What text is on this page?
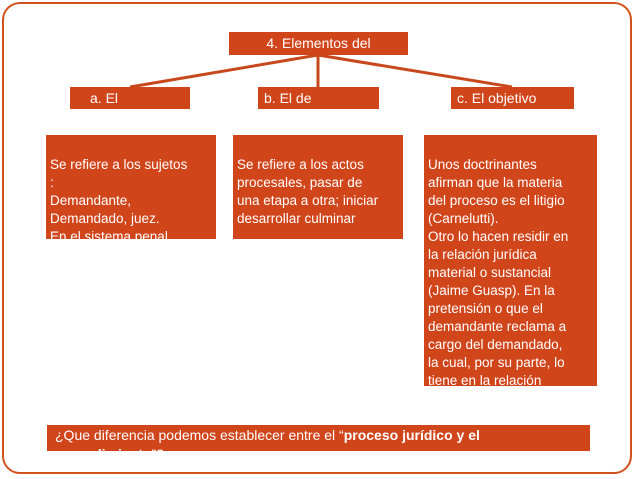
4. Elementos del
a. El	b. El de	c. El objetivo

Se refiere a los sujetos
:
Demandante,
Demandado, juez.
En el sistema penal
acusador y acusado

Se refiere a los actos
procesales, pasar de
una etapa a otra; iniciar
desarrollar culminar

Unos doctrinantes
afirman que la materia
del proceso es el litigio
(Carnelutti).
Otro lo hacen residir en
la relación jurídica
material o sustancial
(Jaime Guasp). En la
pretensión o que el
demandante reclama a
cargo del demandado,
la cual, por su parte, lo
tiene en la relación

¿Que diferencia podemos establecer entre el “proceso jurídico y el procedimiento”?
